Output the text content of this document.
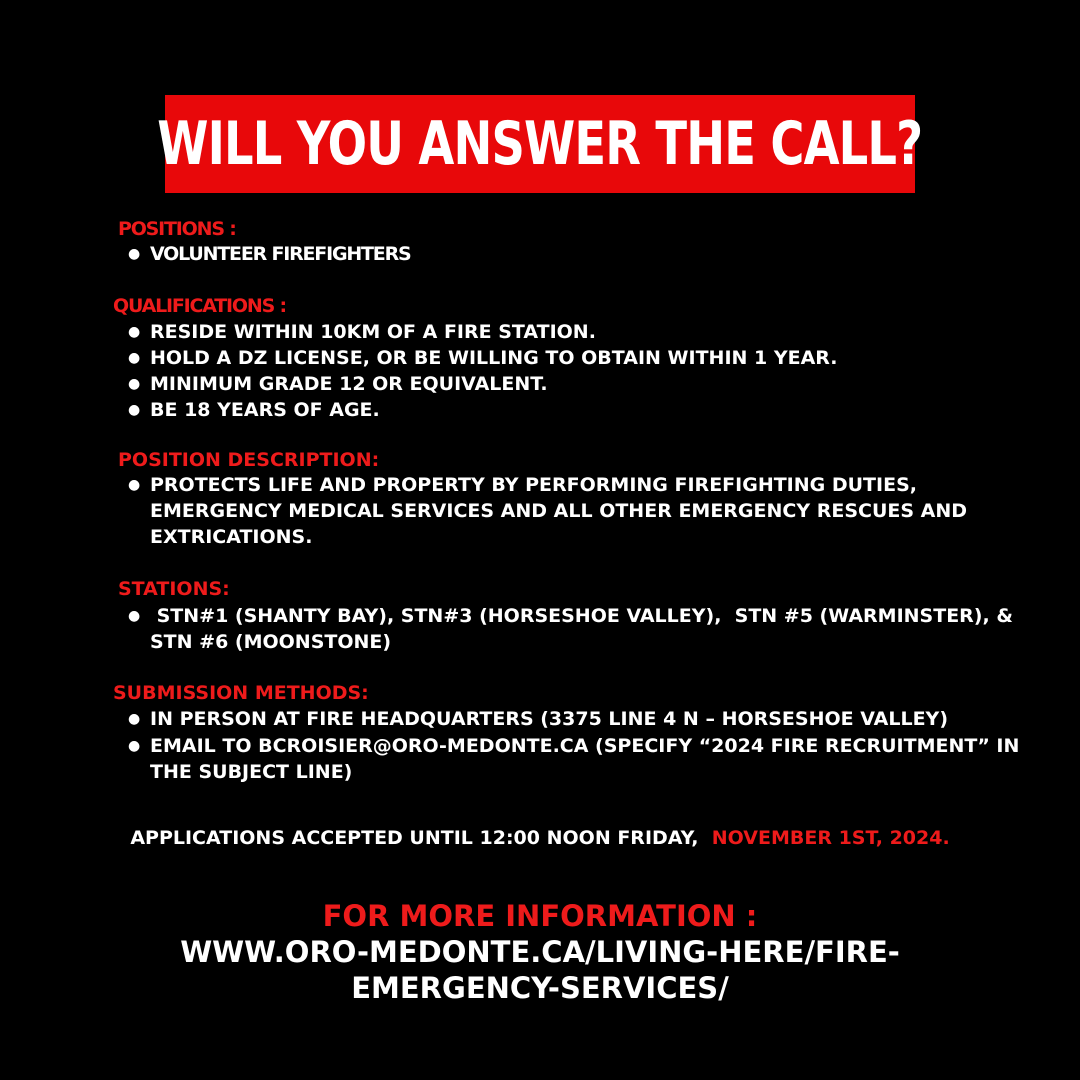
WILL YOU ANSWER THE CALL?
POSITIONS :
● VOLUNTEER FIREFIGHTERS
QUALIFICATIONS :
● RESIDE WITHIN 10KM OF A FIRE STATION.
● HOLD A DZ LICENSE, OR BE WILLING TO OBTAIN WITHIN 1 YEAR.
● MINIMUM GRADE 12 OR EQUIVALENT.
● BE 18 YEARS OF AGE.
POSITION DESCRIPTION:
● PROTECTS LIFE AND PROPERTY BY PERFORMING FIREFIGHTING DUTIES, EMERGENCY MEDICAL SERVICES AND ALL OTHER EMERGENCY RESCUES AND EXTRICATIONS.
STATIONS:
● STN#1 (SHANTY BAY), STN#3 (HORSESHOE VALLEY),  STN #5 (WARMINSTER), &   STN #6 (MOONSTONE)
SUBMISSION METHODS:
● IN PERSON AT FIRE HEADQUARTERS (3375 LINE 4 N – HORSESHOE VALLEY)
● EMAIL TO BCROISIER@ORO-MEDONTE.CA (SPECIFY “2024 FIRE RECRUITMENT” IN THE SUBJECT LINE)
APPLICATIONS ACCEPTED UNTIL 12:00 NOON FRIDAY,  NOVEMBER 1ST, 2024.
FOR MORE INFORMATION :
WWW.ORO-MEDONTE.CA/LIVING-HERE/FIRE-EMERGENCY-SERVICES/
